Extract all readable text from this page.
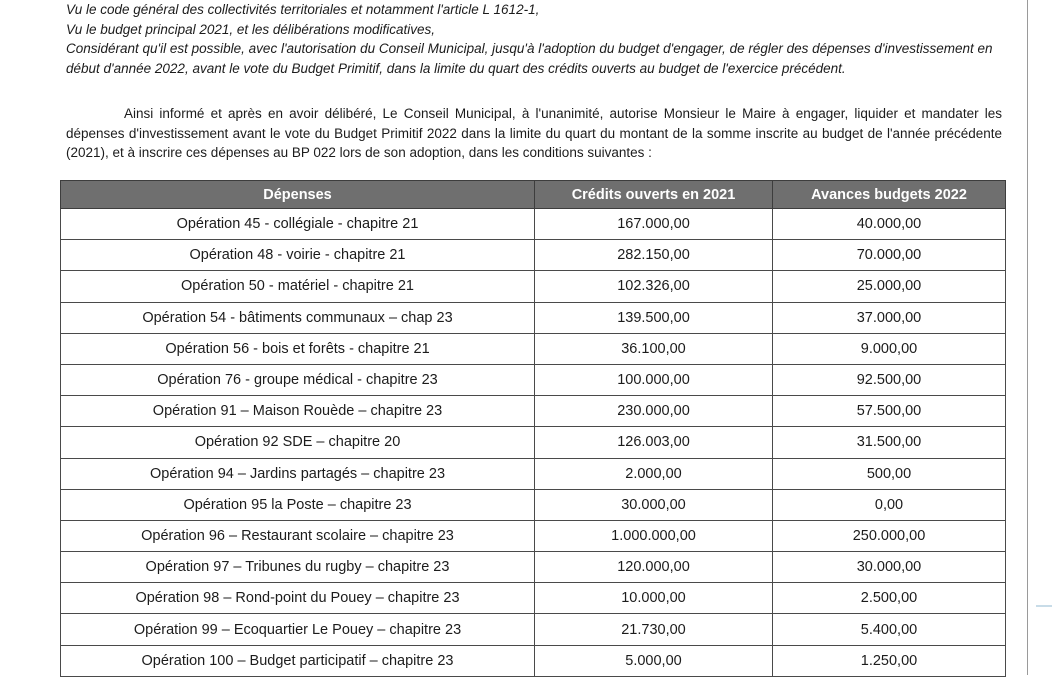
Vu le code général des collectivités territoriales et notamment l'article L 1612-1,

Vu le budget principal 2021, et les délibérations modificatives,

Considérant qu'il est possible, avec l'autorisation du Conseil Municipal, jusqu'à l'adoption du budget d'engager, de régler des dépenses d'investissement en début d'année 2022, avant le vote du Budget Primitif, dans la limite du quart des crédits ouverts au budget de l'exercice précédent.

Ainsi informé et après en avoir délibéré, Le Conseil Municipal, à l'unanimité, autorise Monsieur le Maire à engager, liquider et mandater les dépenses d'investissement avant le vote du Budget Primitif 2022 dans la limite du quart du montant de la somme inscrite au budget de l'année précédente (2021), et à inscrire ces dépenses au BP 022 lors de son adoption, dans les conditions suivantes :

Dépenses	Crédits ouverts en 2021	Avances budgets 2022
Opération 45 - collégiale - chapitre 21	167.000,00	40.000,00
Opération 48 - voirie - chapitre 21	282.150,00	70.000,00
Opération 50 - matériel - chapitre 21	102.326,00	25.000,00
Opération 54 - bâtiments communaux – chap 23	139.500,00	37.000,00
Opération 56 - bois et forêts - chapitre 21	36.100,00	9.000,00
Opération 76 - groupe médical - chapitre 23	100.000,00	92.500,00
Opération 91 – Maison Rouède – chapitre 23	230.000,00	57.500,00
Opération 92 SDE – chapitre 20	126.003,00	31.500,00
Opération 94 – Jardins partagés – chapitre 23	2.000,00	500,00
Opération 95 la Poste – chapitre 23	30.000,00	0,00
Opération 96 – Restaurant scolaire – chapitre 23	1.000.000,00	250.000,00
Opération 97 – Tribunes du rugby – chapitre 23	120.000,00	30.000,00
Opération 98 – Rond-point du Pouey – chapitre 23	10.000,00	2.500,00
Opération 99 – Ecoquartier Le Pouey – chapitre 23	21.730,00	5.400,00
Opération 100 – Budget participatif – chapitre 23	5.000,00	1.250,00
